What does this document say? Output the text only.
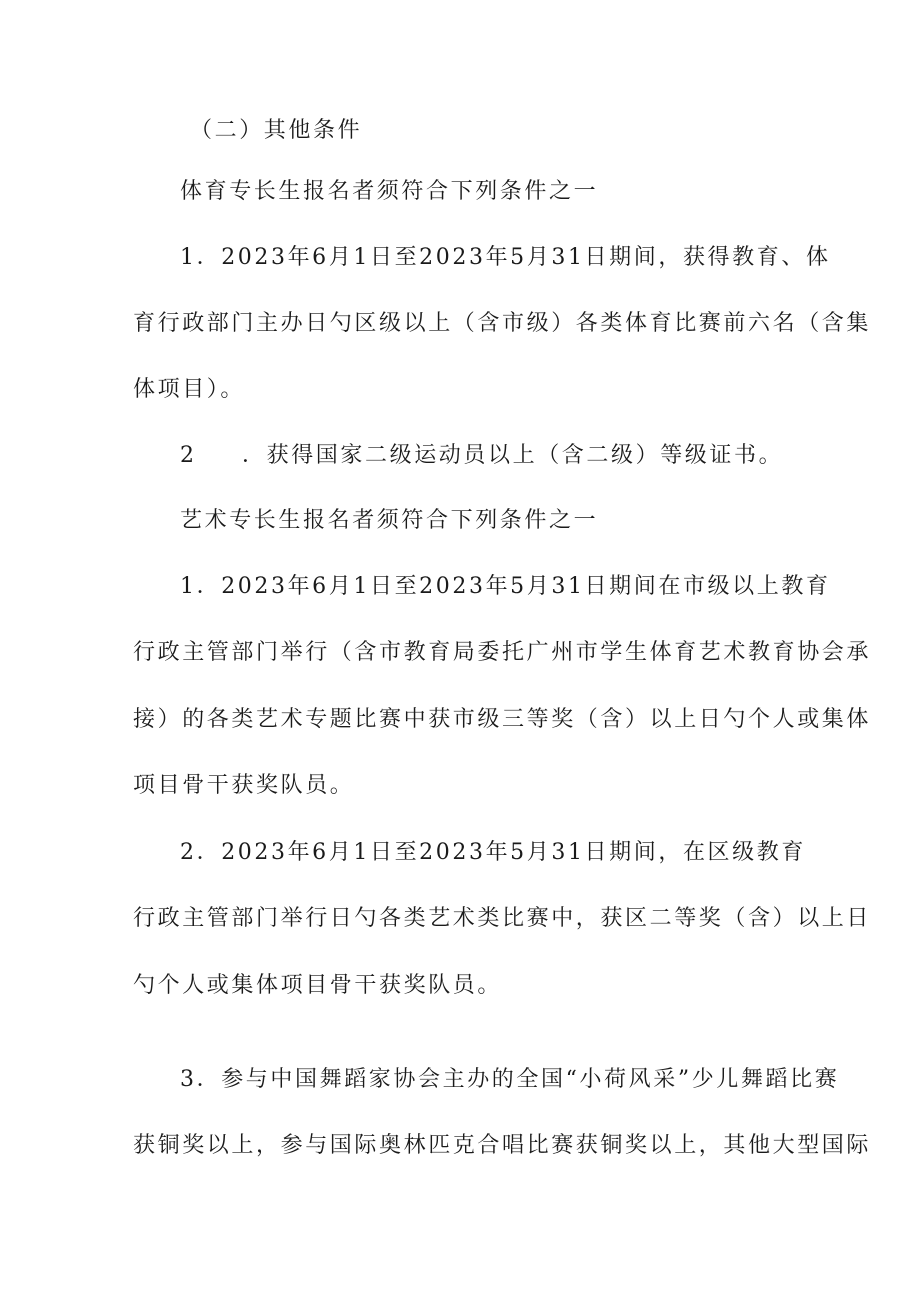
（二）其他条件

体育专长生报名者须符合下列条件之一

1．2023年6月1日至2023年5月31日期间，获得教育、体

育行政部门主办日勺区级以上（含市级）各类体育比赛前六名（含集

体项目）。

2 ．获得国家二级运动员以上（含二级）等级证书。

艺术专长生报名者须符合下列条件之一

1．2023年6月1日至2023年5月31日期间在市级以上教育

行政主管部门举行（含市教育局委托广州市学生体育艺术教育协会承

接）的各类艺术专题比赛中获市级三等奖（含）以上日勺个人或集体

项目骨干获奖队员。

2．2023年6月1日至2023年5月31日期间，在区级教育

行政主管部门举行日勺各类艺术类比赛中，获区二等奖（含）以上日

勺个人或集体项目骨干获奖队员。

3．参与中国舞蹈家协会主办的全国“小荷风采”少儿舞蹈比赛

获铜奖以上，参与国际奥林匹克合唱比赛获铜奖以上，其他大型国际
